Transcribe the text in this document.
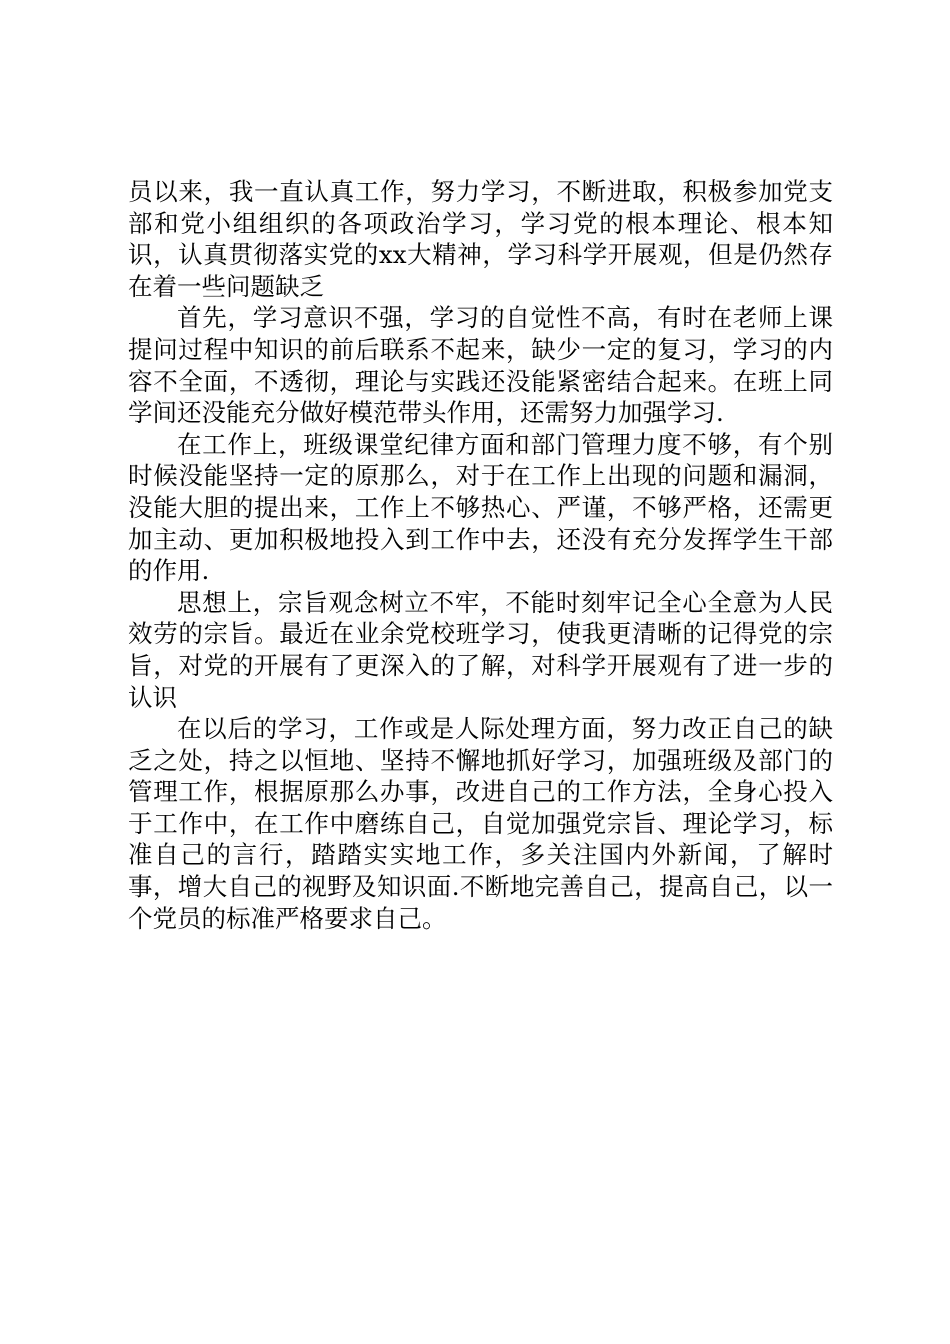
员以来，我一直认真工作，努力学习，不断进取，积极参加党支部和党小组组织的各项政治学习，学习党的根本理论、根本知识，认真贯彻落实党的xx大精神，学习科学开展观，但是仍然存在着一些问题缺乏

首先，学习意识不强，学习的自觉性不高，有时在老师上课提问过程中知识的前后联系不起来，缺少一定的复习，学习的内容不全面，不透彻，理论与实践还没能紧密结合起来。在班上同学间还没能充分做好模范带头作用，还需努力加强学习.

在工作上，班级课堂纪律方面和部门管理力度不够，有个别时候没能坚持一定的原那么，对于在工作上出现的问题和漏洞，没能大胆的提出来，工作上不够热心、严谨，不够严格，还需更加主动、更加积极地投入到工作中去，还没有充分发挥学生干部的作用.

思想上，宗旨观念树立不牢，不能时刻牢记全心全意为人民效劳的宗旨。最近在业余党校班学习，使我更清晰的记得党的宗旨，对党的开展有了更深入的了解，对科学开展观有了进一步的认识

在以后的学习，工作或是人际处理方面，努力改正自己的缺乏之处，持之以恒地、坚持不懈地抓好学习，加强班级及部门的管理工作，根据原那么办事，改进自己的工作方法，全身心投入于工作中，在工作中磨练自己，自觉加强党宗旨、理论学习，标准自己的言行，踏踏实实地工作，多关注国内外新闻，了解时事，增大自己的视野及知识面.不断地完善自己，提高自己，以一个党员的标准严格要求自己。
